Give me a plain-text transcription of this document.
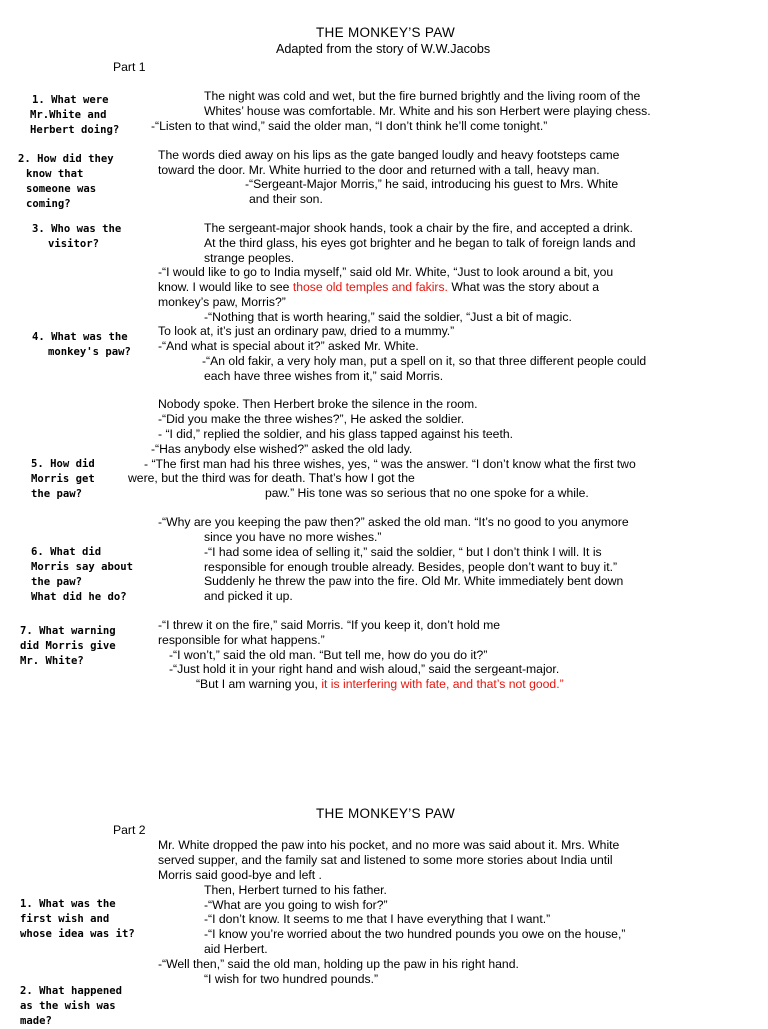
THE MONKEY’S PAW
Adapted from the story of W.W.Jacobs
Part 1
1. What were
Mr.White and
Herbert doing?
2. How did they
know that
someone was
coming?
3. Who was the
visitor?
4. What was the
monkey's paw?
5. How did
Morris get
the paw?
6. What did
Morris say about
the paw?
What did he do?
7. What warning
did Morris give
Mr. White?
The night was cold and wet, but the fire burned brightly and the living room of the
Whites’ house was comfortable. Mr. White and his son Herbert were playing chess.
-“Listen to that wind,” said the older man, “I don’t think he’ll come tonight.”
The words died away on his lips as the gate banged loudly and heavy footsteps came
toward the door. Mr. White hurried to the door and returned with a tall, heavy man.
-“Sergeant-Major Morris,” he said, introducing his guest to Mrs. White
and their son.
The sergeant-major shook hands, took a chair by the fire, and accepted a drink.
At the third glass, his eyes got brighter and he began to talk of foreign lands and
strange peoples.
-“I would like to go to India myself,” said old Mr. White, “Just to look around a bit, you
know. I would like to see those old temples and fakirs. What was the story about a
monkey’s paw, Morris?”
-“Nothing that is worth hearing,” said the soldier, “Just a bit of magic.
To look at, it’s just an ordinary paw, dried to a mummy.”
-“And what is special about it?” asked Mr. White.
-“An old fakir, a very holy man, put a spell on it, so that three different people could
each have three wishes from it,” said Morris.
Nobody spoke. Then Herbert broke the silence in the room.
-“Did you make the three wishes?”, He asked the soldier.
- “I did,” replied the soldier, and his glass tapped against his teeth.
-“Has anybody else wished?” asked the old lady.
- “The first man had his three wishes, yes, “ was the answer. “I don’t know what the first two
were, but the third was for death. That’s how I got the
paw.” His tone was so serious that no one spoke for a while.
-“Why are you keeping the paw then?” asked the old man. “It’s no good to you anymore
since you have no more wishes.”
-“I had some idea of selling it,” said the soldier, “ but I don’t think I will. It is
responsible for enough trouble already. Besides, people don’t want to buy it.”
Suddenly he threw the paw into the fire. Old Mr. White immediately bent down
and picked it up.
-“I threw it on the fire,” said Morris. “If you keep it, don’t hold me
responsible for what happens.”
-“I won’t,” said the old man. “But tell me, how do you do it?”
-“Just hold it in your right hand and wish aloud,” said the sergeant-major.
“But I am warning you, it is interfering with fate, and that’s not good.”
THE MONKEY’S PAW
Part 2
1. What was the
first wish and
whose idea was it?
2. What happened
as the wish was
made?
Mr. White dropped the paw into his pocket, and no more was said about it. Mrs. White
served supper, and the family sat and listened to some more stories about India until
Morris said good-bye and left .
Then, Herbert turned to his father.
-“What are you going to wish for?”
-“I don’t know. It seems to me that I have everything that I want.”
-“I know you’re worried about the two hundred pounds you owe on the house,”
aid Herbert.
-“Well then,” said the old man, holding up the paw in his right hand.
“I wish for two hundred pounds.”
